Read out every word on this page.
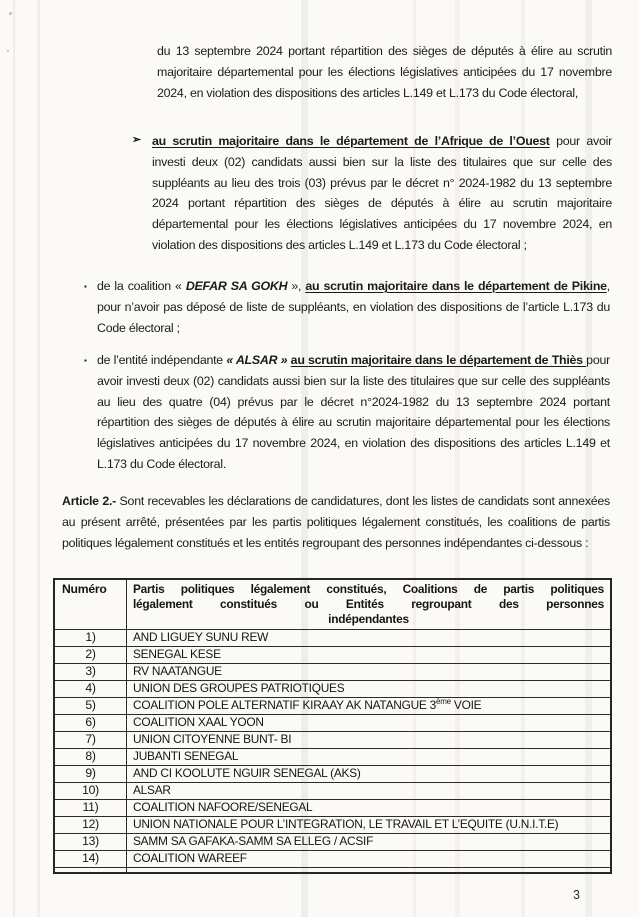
du 13 septembre 2024 portant répartition des sièges de députés à élire au scrutin majoritaire départemental pour les élections législatives anticipées du 17 novembre 2024, en violation des dispositions des articles L.149 et L.173 du Code électoral,
➢ au scrutin majoritaire dans le département de l’Afrique de l’Ouest pour avoir investi deux (02) candidats aussi bien sur la liste des titulaires que sur celle des suppléants au lieu des trois (03) prévus par le décret n° 2024-1982 du 13 septembre 2024 portant répartition des sièges de députés à élire au scrutin majoritaire départemental pour les élections législatives anticipées du 17 novembre 2024, en violation des dispositions des articles L.149 et L.173 du Code électoral ;
▪ de la coalition « DEFAR SA GOKH », au scrutin majoritaire dans le département de Pikine, pour n’avoir pas déposé de liste de suppléants, en violation des dispositions de l’article L.173 du Code électoral ;
▪ de l’entité indépendante « ALSAR » au scrutin majoritaire dans le département de Thiès pour avoir investi deux (02) candidats aussi bien sur la liste des titulaires que sur celle des suppléants au lieu des quatre (04) prévus par le décret n°2024-1982 du 13 septembre 2024 portant répartition des sièges de députés à élire au scrutin majoritaire départemental pour les élections législatives anticipées du 17 novembre 2024, en violation des dispositions des articles L.149 et L.173 du Code électoral.
Article 2.- Sont recevables les déclarations de candidatures, dont les listes de candidats sont annexées au présent arrêté, présentées par les partis politiques légalement constitués, les coalitions de partis politiques légalement constitués et les entités regroupant des personnes indépendantes ci-dessous :
Numéro	Partis politiques légalement constitués, Coalitions de partis politiques
légalement constitués ou Entités regroupant des personnes
indépendantes

1)	AND LIGUEY SUNU REW
2)	SENEGAL KESE
3)	RV NAATANGUE
4)	UNION DES GROUPES PATRIOTIQUES
5)	COALITION POLE ALTERNATIF KIRAAY AK NATANGUE 3ème VOIE
6)	COALITION XAAL YOON
7)	UNION CITOYENNE BUNT- BI
8)	JUBANTI SENEGAL
9)	AND CI KOOLUTE NGUIR SENEGAL (AKS)
10)	ALSAR
11)	COALITION NAFOORE/SENEGAL
12)	UNION NATIONALE POUR L’INTEGRATION, LE TRAVAIL ET L’EQUITE (U.N.I.T.E)
13)	SAMM SA GAFAKA-SAMM SA ELLEG / ACSIF
14)	COALITION WAREEF

3
